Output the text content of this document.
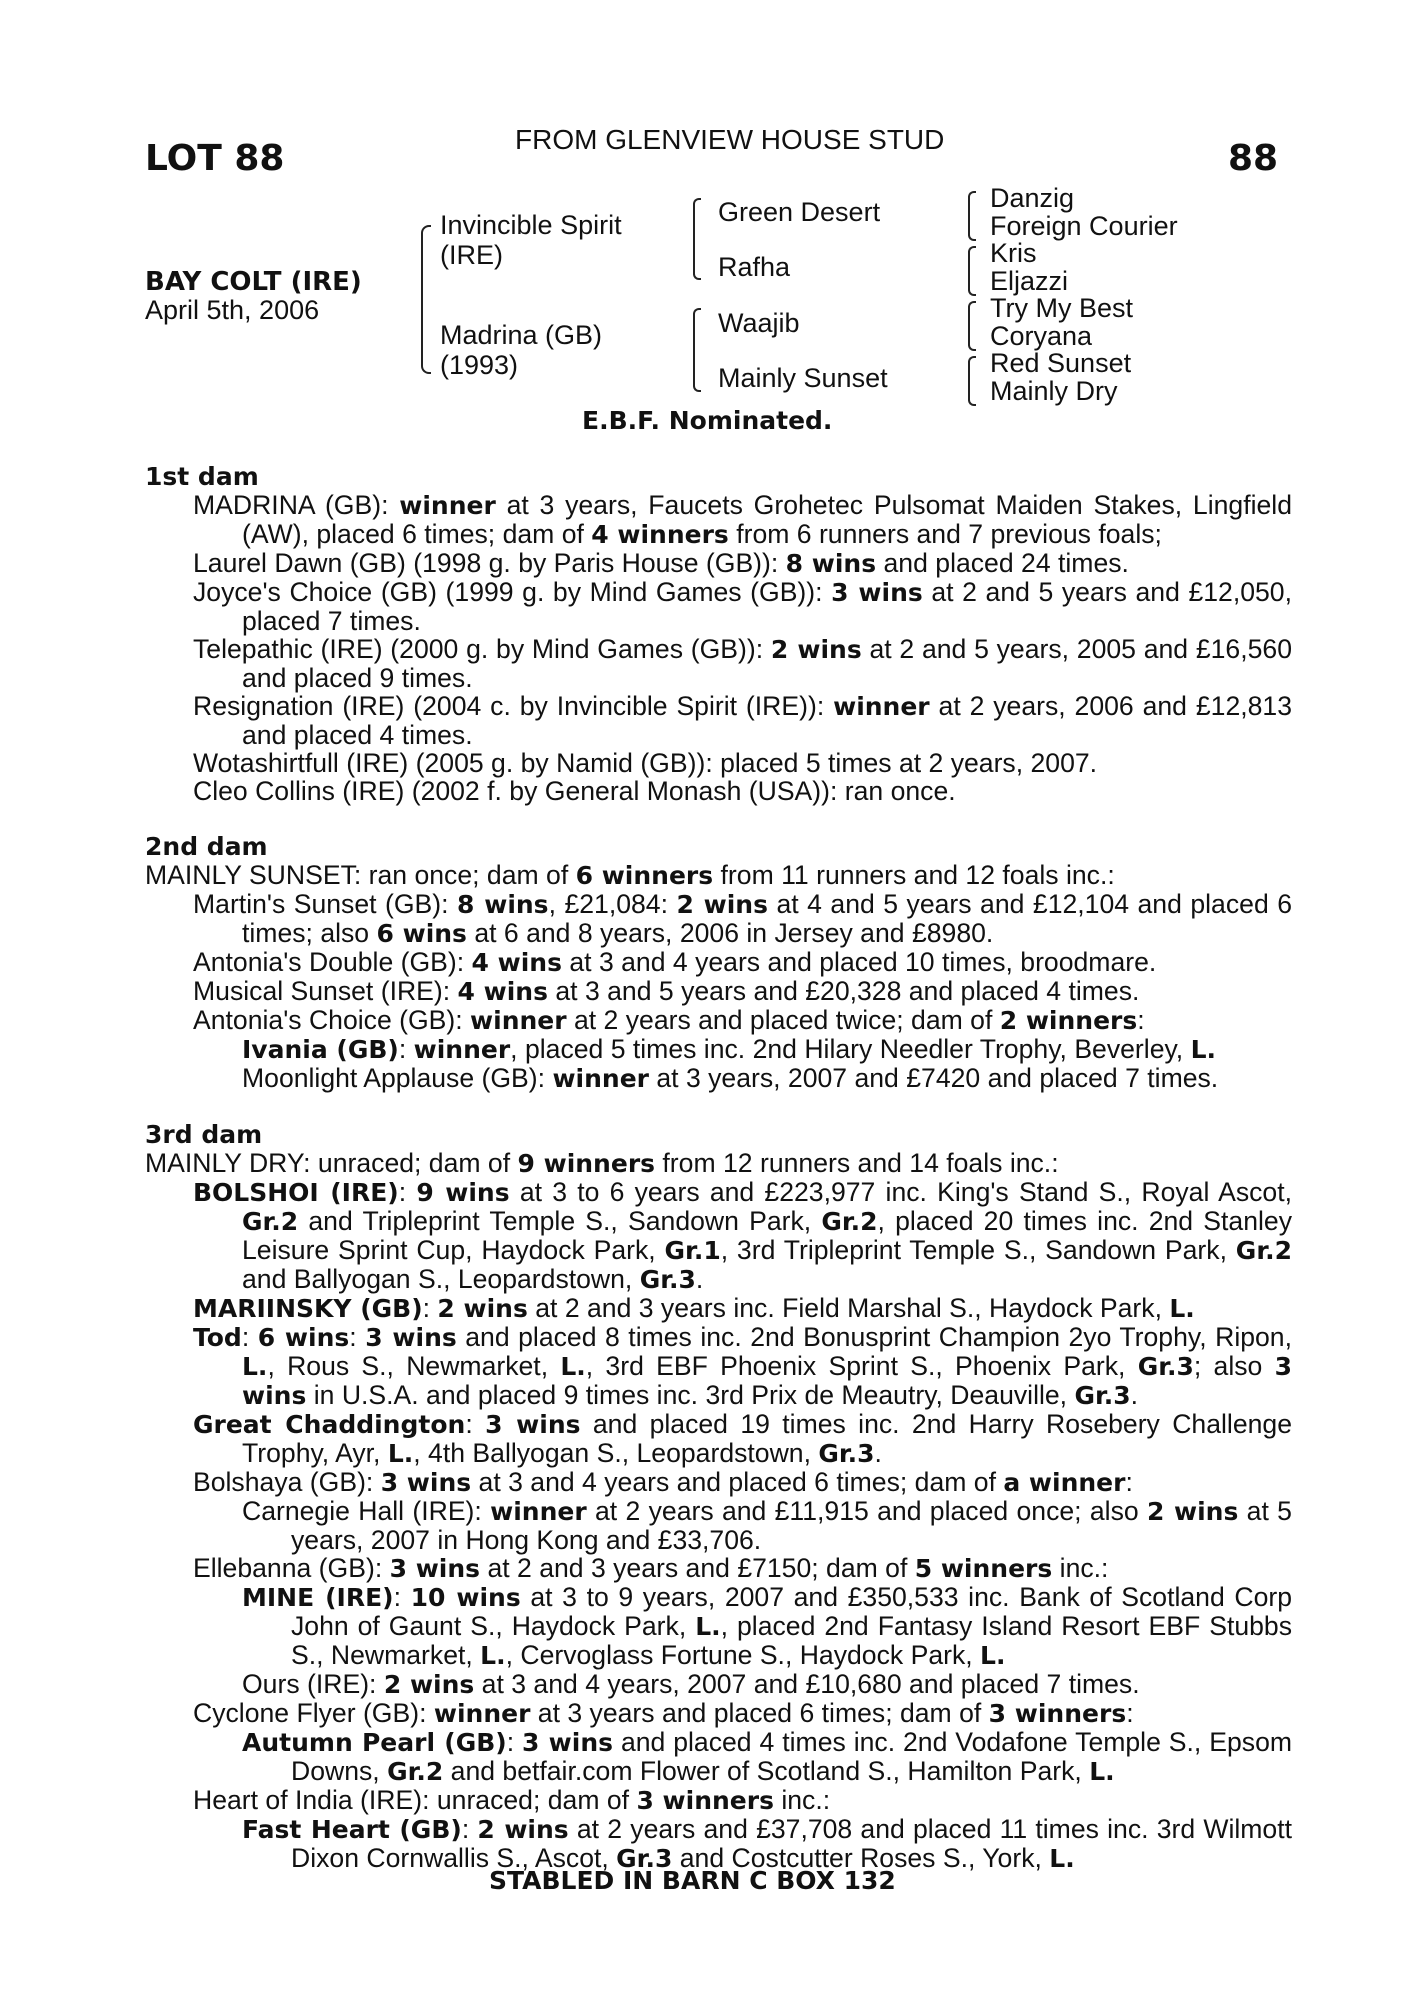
LOT 88	FROM GLENVIEW HOUSE STUD	88
BAY COLT (IRE)
April 5th, 2006
Invincible Spirit
(IRE)
Madrina (GB)
(1993)
Green Desert
Rafha
Waajib
Mainly Sunset
Danzig
Foreign Courier
Kris
Eljazzi
Try My Best
Coryana
Red Sunset
Mainly Dry
E.B.F. Nominated.
1st dam
MADRINA (GB): winner at 3 years, Faucets Grohetec Pulsomat Maiden Stakes, Lingfield (AW), placed 6 times; dam of 4 winners from 6 runners and 7 previous foals;
Laurel Dawn (GB) (1998 g. by Paris House (GB)): 8 wins and placed 24 times.
Joyce's Choice (GB) (1999 g. by Mind Games (GB)): 3 wins at 2 and 5 years and £12,050, placed 7 times.
Telepathic (IRE) (2000 g. by Mind Games (GB)): 2 wins at 2 and 5 years, 2005 and £16,560 and placed 9 times.
Resignation (IRE) (2004 c. by Invincible Spirit (IRE)): winner at 2 years, 2006 and £12,813 and placed 4 times.
Wotashirtfull (IRE) (2005 g. by Namid (GB)): placed 5 times at 2 years, 2007.
Cleo Collins (IRE) (2002 f. by General Monash (USA)): ran once.
2nd dam
MAINLY SUNSET: ran once; dam of 6 winners from 11 runners and 12 foals inc.:
Martin's Sunset (GB): 8 wins, £21,084: 2 wins at 4 and 5 years and £12,104 and placed 6 times; also 6 wins at 6 and 8 years, 2006 in Jersey and £8980.
Antonia's Double (GB): 4 wins at 3 and 4 years and placed 10 times, broodmare.
Musical Sunset (IRE): 4 wins at 3 and 5 years and £20,328 and placed 4 times.
Antonia's Choice (GB): winner at 2 years and placed twice; dam of 2 winners:
Ivania (GB): winner, placed 5 times inc. 2nd Hilary Needler Trophy, Beverley, L.
Moonlight Applause (GB): winner at 3 years, 2007 and £7420 and placed 7 times.
3rd dam
MAINLY DRY: unraced; dam of 9 winners from 12 runners and 14 foals inc.:
BOLSHOI (IRE): 9 wins at 3 to 6 years and £223,977 inc. King's Stand S., Royal Ascot, Gr.2 and Tripleprint Temple S., Sandown Park, Gr.2, placed 20 times inc. 2nd Stanley Leisure Sprint Cup, Haydock Park, Gr.1, 3rd Tripleprint Temple S., Sandown Park, Gr.2 and Ballyogan S., Leopardstown, Gr.3.
MARIINSKY (GB): 2 wins at 2 and 3 years inc. Field Marshal S., Haydock Park, L.
Tod: 6 wins: 3 wins and placed 8 times inc. 2nd Bonusprint Champion 2yo Trophy, Ripon, L., Rous S., Newmarket, L., 3rd EBF Phoenix Sprint S., Phoenix Park, Gr.3; also 3 wins in U.S.A. and placed 9 times inc. 3rd Prix de Meautry, Deauville, Gr.3.
Great Chaddington: 3 wins and placed 19 times inc. 2nd Harry Rosebery Challenge Trophy, Ayr, L., 4th Ballyogan S., Leopardstown, Gr.3.
Bolshaya (GB): 3 wins at 3 and 4 years and placed 6 times; dam of a winner:
Carnegie Hall (IRE): winner at 2 years and £11,915 and placed once; also 2 wins at 5 years, 2007 in Hong Kong and £33,706.
Ellebanna (GB): 3 wins at 2 and 3 years and £7150; dam of 5 winners inc.:
MINE (IRE): 10 wins at 3 to 9 years, 2007 and £350,533 inc. Bank of Scotland Corp John of Gaunt S., Haydock Park, L., placed 2nd Fantasy Island Resort EBF Stubbs S., Newmarket, L., Cervoglass Fortune S., Haydock Park, L.
Ours (IRE): 2 wins at 3 and 4 years, 2007 and £10,680 and placed 7 times.
Cyclone Flyer (GB): winner at 3 years and placed 6 times; dam of 3 winners:
Autumn Pearl (GB): 3 wins and placed 4 times inc. 2nd Vodafone Temple S., Epsom Downs, Gr.2 and betfair.com Flower of Scotland S., Hamilton Park, L.
Heart of India (IRE): unraced; dam of 3 winners inc.:
Fast Heart (GB): 2 wins at 2 years and £37,708 and placed 11 times inc. 3rd Wilmott Dixon Cornwallis S., Ascot, Gr.3 and Costcutter Roses S., York, L.
STABLED IN BARN C BOX 132
